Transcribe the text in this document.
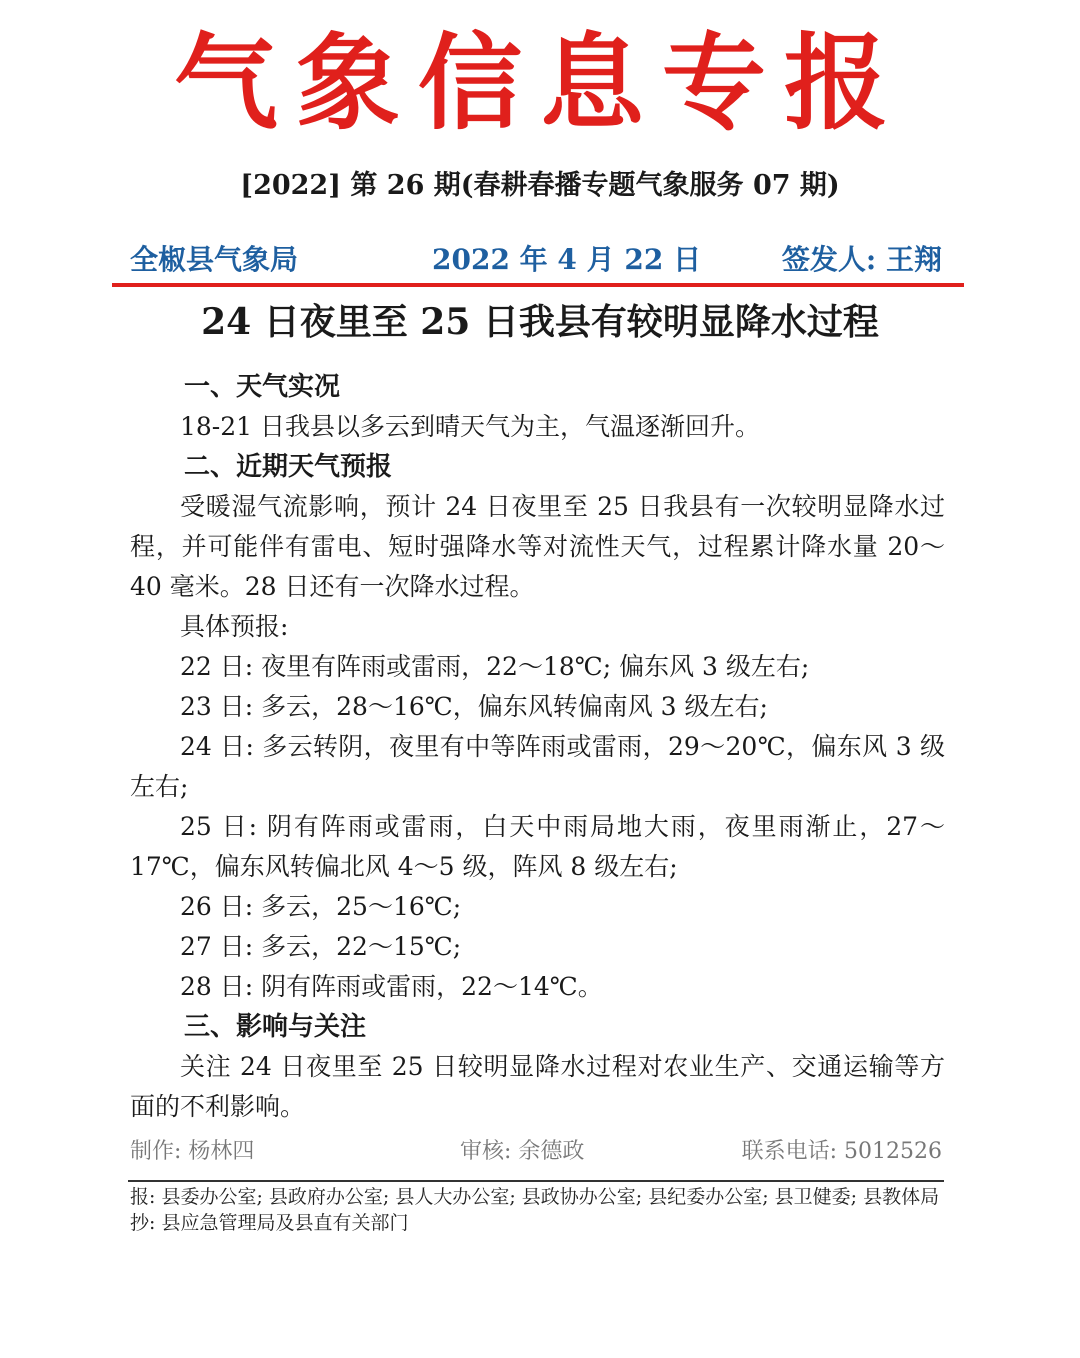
气象信息专报
[2022] 第 26 期(春耕春播专题气象服务 07 期)
全椒县气象局	2022 年 4 月 22 日	签发人: 王翔
24 日夜里至 25 日我县有较明显降水过程
一、天气实况

18-21 日我县以多云到晴天气为主，气温逐渐回升。

二、近期天气预报

受暖湿气流影响，预计 24 日夜里至 25 日我县有一次较明显降水过程，并可能伴有雷电、短时强降水等对流性天气，过程累计降水量 20～40 毫米。28 日还有一次降水过程。

具体预报:

22 日: 夜里有阵雨或雷雨，22～18℃; 偏东风 3 级左右;

23 日: 多云，28～16℃，偏东风转偏南风 3 级左右;

24 日: 多云转阴，夜里有中等阵雨或雷雨，29～20℃，偏东风 3 级左右;

25 日: 阴有阵雨或雷雨，白天中雨局地大雨，夜里雨渐止，27～17℃，偏东风转偏北风 4～5 级，阵风 8 级左右;

26 日: 多云，25～16℃;

27 日: 多云，22～15℃;

28 日: 阴有阵雨或雷雨，22～14℃。

三、影响与关注

关注 24 日夜里至 25 日较明显降水过程对农业生产、交通运输等方面的不利影响。

制作: 杨林四	审核: 余德政	联系电话: 5012526
报: 县委办公室; 县政府办公室; 县人大办公室; 县政协办公室; 县纪委办公室; 县卫健委; 县教体局
抄: 县应急管理局及县直有关部门
